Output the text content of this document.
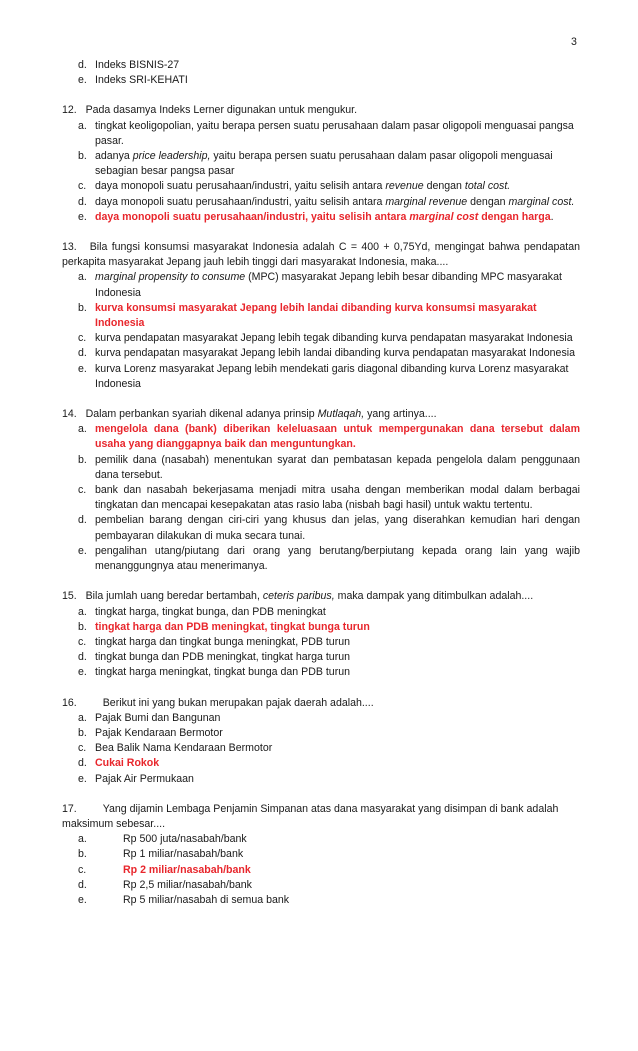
3
d. Indeks BISNIS-27
e. Indeks SRI-KEHATI

12. Pada dasamya Indeks Lerner digunakan untuk mengukur.

a. tingkat keoligopolian, yaitu berapa persen suatu perusahaan dalam pasar oligopoli menguasai pangsa pasar.
b. adanya price leadership, yaitu berapa persen suatu perusahaan dalam pasar oligopoli menguasai sebagian besar pangsa pasar
c. daya monopoli suatu perusahaan/industri, yaitu selisih antara revenue dengan total cost.
d. daya monopoli suatu perusahaan/industri, yaitu selisih antara marginal revenue dengan marginal cost.
e. daya monopoli suatu perusahaan/industri, yaitu selisih antara marginal cost dengan harga.

13. Bila fungsi konsumsi masyarakat Indonesia adalah C = 400 + 0,75Yd, mengingat bahwa pendapatan perkapita masyarakat Jepang jauh lebih tinggi dari masyarakat Indonesia, maka....

a. marginal propensity to consume (MPC) masyarakat Jepang lebih besar dibanding MPC masyarakat Indonesia
b. kurva konsumsi masyarakat Jepang lebih landai dibanding kurva konsumsi masyarakat Indonesia
c. kurva pendapatan masyarakat Jepang lebih tegak dibanding kurva pendapatan masyarakat Indonesia
d. kurva pendapatan masyarakat Jepang lebih landai dibanding kurva pendapatan masyarakat Indonesia
e. kurva Lorenz masyarakat Jepang lebih mendekati garis diagonal dibanding kurva Lorenz masyarakat Indonesia

14. Dalam perbankan syariah dikenal adanya prinsip Mutlaqah, yang artinya....

a. mengelola dana (bank) diberikan keleluasaan untuk mempergunakan dana tersebut dalam usaha yang dianggapnya baik dan menguntungkan.
b. pemilik dana (nasabah) menentukan syarat dan pembatasan kepada pengelola dalam penggunaan dana tersebut.
c. bank dan nasabah bekerjasama menjadi mitra usaha dengan memberikan modal dalam berbagai tingkatan dan mencapai kesepakatan atas rasio laba (nisbah bagi hasil) untuk waktu tertentu.
d. pembelian barang dengan ciri-ciri yang khusus dan jelas, yang diserahkan kemudian hari dengan pembayaran dilakukan di muka secara tunai.
e. pengalihan utang/piutang dari orang yang berutang/berpiutang kepada orang lain yang wajib menanggungnya atau menerimanya.

15. Bila jumlah uang beredar bertambah, ceteris paribus, maka dampak yang ditimbulkan adalah....

a. tingkat harga, tingkat bunga, dan PDB meningkat
b. tingkat harga dan PDB meningkat, tingkat bunga turun
c. tingkat harga dan tingkat bunga meningkat, PDB turun
d. tingkat bunga dan PDB meningkat, tingkat harga turun
e. tingkat harga meningkat, tingkat bunga dan PDB turun

16. Berikut ini yang bukan merupakan pajak daerah adalah....

a. Pajak Bumi dan Bangunan
b. Pajak Kendaraan Bermotor
c. Bea Balik Nama Kendaraan Bermotor
d. Cukai Rokok
e. Pajak Air Permukaan

17. Yang dijamin Lembaga Penjamin Simpanan atas dana masyarakat yang disimpan di bank adalah maksimum sebesar....

a.	Rp 500 juta/nasabah/bank
b.	Rp 1 miliar/nasabah/bank
c.	Rp 2 miliar/nasabah/bank
d.	Rp 2,5 miliar/nasabah/bank
e.	Rp 5 miliar/nasabah di semua bank
